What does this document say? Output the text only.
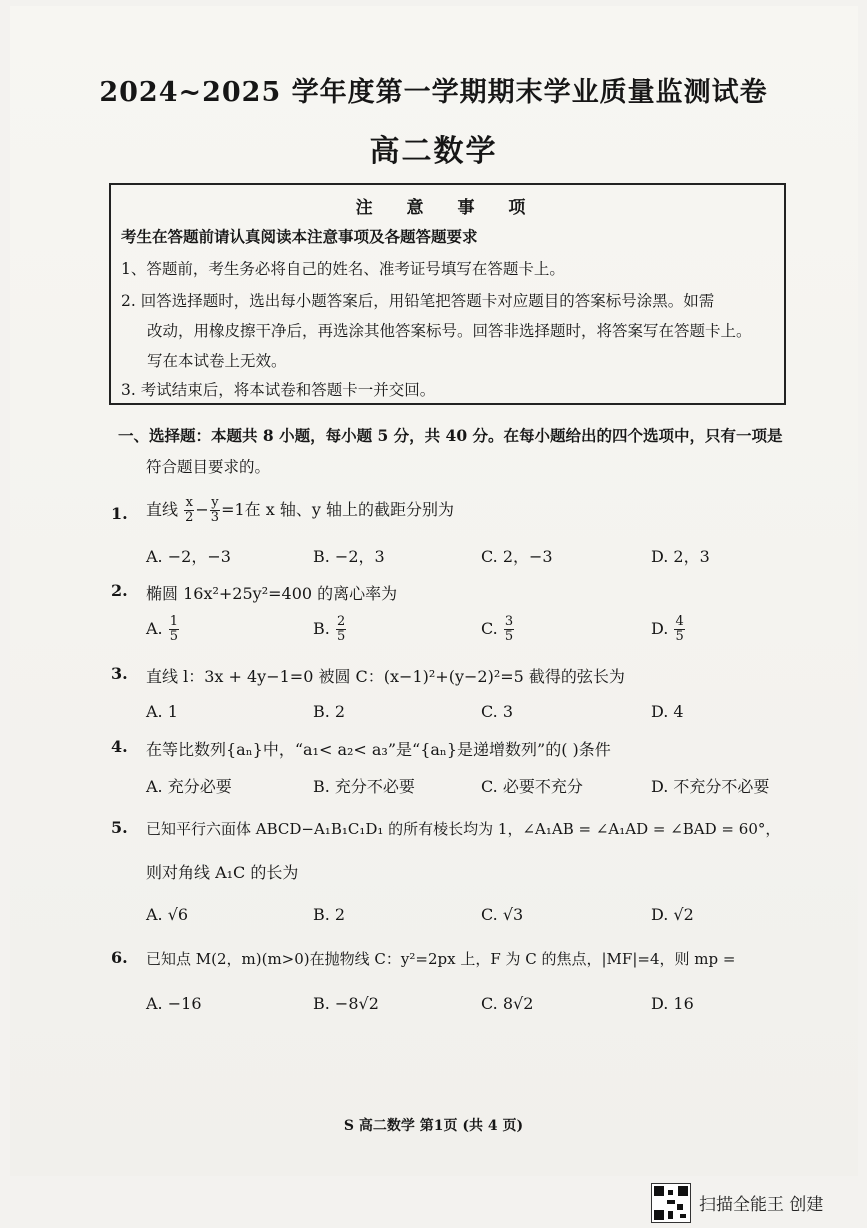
2024~2025 学年度第一学期期末学业质量监测试卷
高二数学
注 意 事 项
考生在答题前请认真阅读本注意事项及各题答题要求
1、答题前，考生务必将自己的姓名、准考证号填写在答题卡上。
2. 回答选择题时，选出每小题答案后，用铅笔把答题卡对应题目的答案标号涂黑。如需
改动，用橡皮擦干净后，再选涂其他答案标号。回答非选择题时，将答案写在答题卡上。
写在本试卷上无效。
3. 考试结束后，将本试卷和答题卡一并交回。
一、选择题：本题共 8 小题，每小题 5 分，共 40 分。在每小题给出的四个选项中，只有一项是
符合题目要求的。
1. 直线 $\frac{x}{2} - \frac{y}{3} =1$在 x 轴、y 轴上的截距分别为
A. −2，−3	B. −2，3	C. 2，−3	D. 2，3
2. 椭圆 16x²+25y²=400 的离心率为
A. $\frac{1}{5}$	B. $\frac{2}{5}$	C. $\frac{3}{5}$	D. $\frac{4}{5}$
3. 直线 l：3x + 4y−1=0 被圆 C：(x−1)²+(y−2)²=5 截得的弦长为
A. 1	B. 2	C. 3	D. 4
4. 在等比数列{aₙ}中，“a₁< a₂< a₃”是“{aₙ}是递增数列”的( )条件
A. 充分必要	B. 充分不必要	C. 必要不充分	D. 不充分不必要
5. 已知平行六面体 ABCD−A₁B₁C₁D₁ 的所有棱长均为 1，∠A₁AB = ∠A₁AD = ∠BAD = 60°，
则对角线 A₁C 的长为
A. √6	B. 2	C. √3	D. √2
6. 已知点 M(2，m)(m>0)在抛物线 C：y²=2px 上，F 为 C 的焦点，|MF|=4，则 mp =
A. −16	B. −8√2	C. 8√2	D. 16
S 高二数学 第1页 (共 4 页)
扫描全能王 创建
